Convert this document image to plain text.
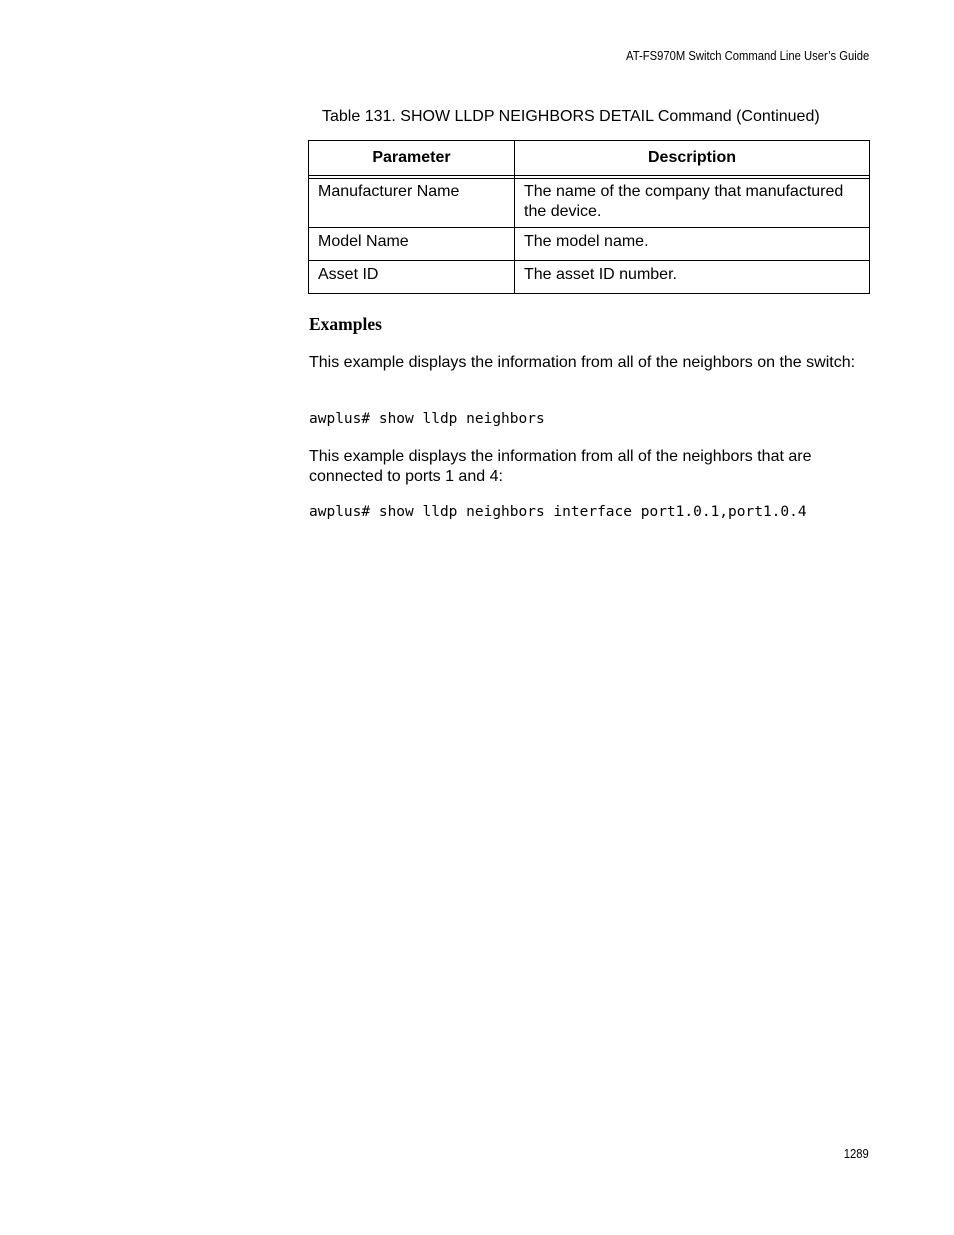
AT-FS970M Switch Command Line User’s Guide
Table 131. SHOW LLDP NEIGHBORS DETAIL Command (Continued)
Parameter	Description

Manufacturer Name	The name of the company that manufactured the device.
Model Name	The model name.
Asset ID	The asset ID number.
Examples

This example displays the information from all of the neighbors on the switch:

awplus# show lldp neighbors

This example displays the information from all of the neighbors that are connected to ports 1 and 4:

awplus# show lldp neighbors interface port1.0.1,port1.0.4
1289
